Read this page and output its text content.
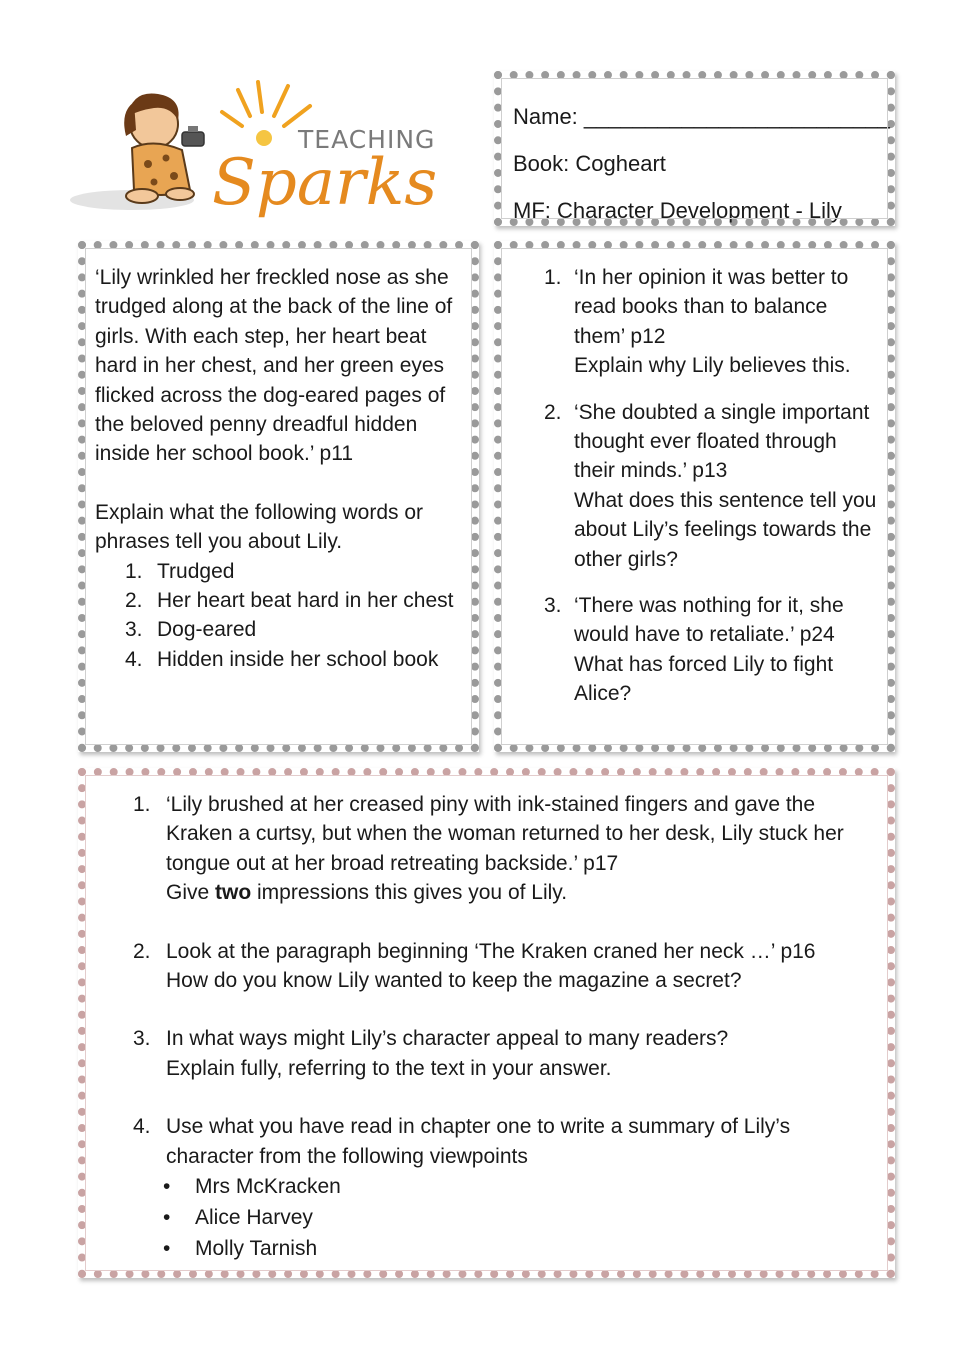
TEACHING
Sparks
Name: _________________________
Book: Cogheart
MF: Character Development - Lily

‘Lily wrinkled her freckled nose as she trudged along at the back of the line of girls. With each step, her heart beat hard in her chest, and her green eyes flicked across the dog-eared pages of the beloved penny dreadful hidden inside her school book.’ p11

Explain what the following words or phrases tell you about Lily.

1. Trudged
2. Her heart beat hard in her chest
3. Dog-eared
4. Hidden inside her school book
1. ‘In her opinion it was better to read books than to balance them’ p12
Explain why Lily believes this.
2. ‘She doubted a single important thought ever floated through their minds.’ p13
What does this sentence tell you about Lily’s feelings towards the other girls?
3. ‘There was nothing for it, she would have to retaliate.’ p24
What has forced Lily to fight Alice?
1. ‘Lily brushed at her creased piny with ink-stained fingers and gave the Kraken a curtsy, but when the woman returned to her desk, Lily stuck her tongue out at her broad retreating backside.’ p17
Give two impressions this gives you of Lily.
2. Look at the paragraph beginning ‘The Kraken craned her neck …’ p16
How do you know Lily wanted to keep the magazine a secret?
3. In what ways might Lily’s character appeal to many readers?
Explain fully, referring to the text in your answer.
4. Use what you have read in chapter one to write a summary of Lily’s character from the following viewpoints
• Mrs McKracken
• Alice Harvey
• Molly Tarnish
